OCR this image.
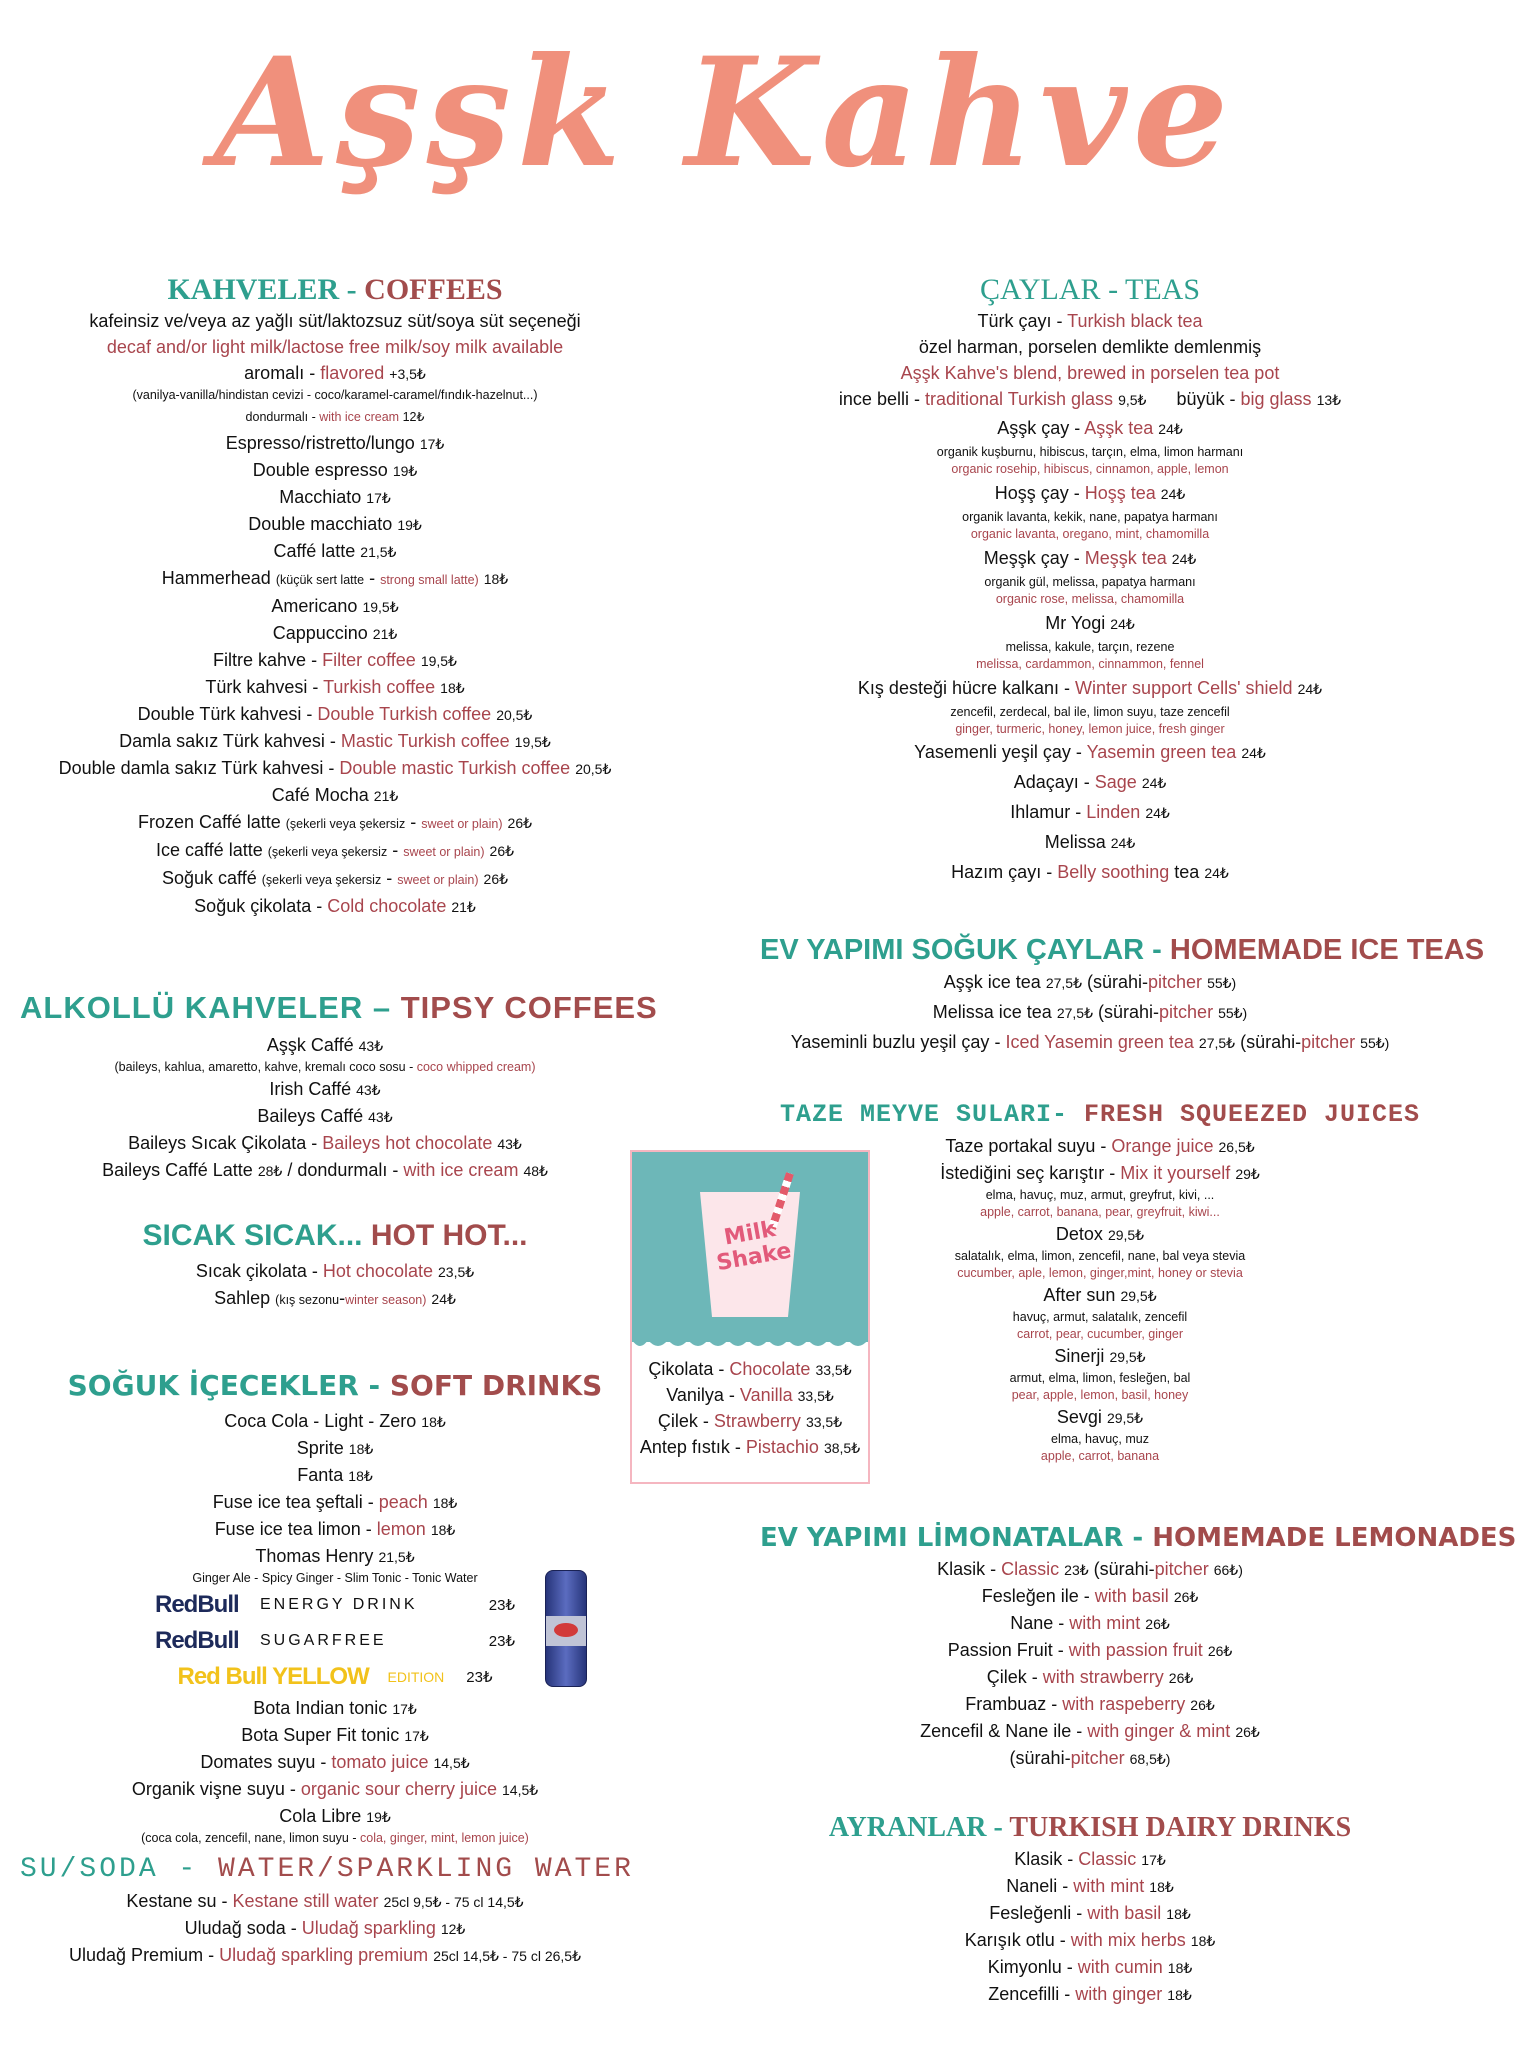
Aşşk Kahve
KAHVELER - COFFEES
kafeinsiz ve/veya az yağlı süt/laktozsuz süt/soya süt seçeneği
decaf and/or light milk/lactose free milk/soy milk available
aromalı - flavored +3,5₺
(vanilya-vanilla/hindistan cevizi - coco/karamel-caramel/fındık-hazelnut...)
dondurmalı - with ice cream 12₺
Espresso/ristretto/lungo 17₺
Double espresso 19₺
Macchiato 17₺
Double macchiato 19₺
Caffé latte 21,5₺
Hammerhead (küçük sert latte - strong small latte) 18₺
Americano 19,5₺
Cappuccino 21₺
Filtre kahve - Filter coffee 19,5₺
Türk kahvesi - Turkish coffee 18₺
Double Türk kahvesi - Double Turkish coffee 20,5₺
Damla sakız Türk kahvesi - Mastic Turkish coffee 19,5₺
Double damla sakız Türk kahvesi - Double mastic Turkish coffee 20,5₺
Café Mocha 21₺
Frozen Caffé latte (şekerli veya şekersiz - sweet or plain) 26₺
Ice caffé latte (şekerli veya şekersiz - sweet or plain) 26₺
Soğuk caffé (şekerli veya şekersiz - sweet or plain) 26₺
Soğuk çikolata - Cold chocolate 21₺
ALKOLLÜ KAHVELER – TIPSY COFFEES
Aşşk Caffé 43₺
(baileys, kahlua, amaretto, kahve, kremalı coco sosu - coco whipped cream)
Irish Caffé 43₺
Baileys Caffé 43₺
Baileys Sıcak Çikolata - Baileys hot chocolate 43₺
Baileys Caffé Latte 28₺ / dondurmalı - with ice cream 48₺
SICAK SICAK... HOT HOT...
Sıcak çikolata - Hot chocolate 23,5₺
Sahlep (kış sezonu-winter season) 24₺
SOĞUK İÇECEKLER - SOFT DRINKS
Coca Cola - Light - Zero 18₺
Sprite 18₺
Fanta 18₺
Fuse ice tea şeftali - peach 18₺
Fuse ice tea limon - lemon 18₺
Thomas Henry 21,5₺
Ginger Ale - Spicy Ginger - Slim Tonic - Tonic Water
RedBull	ENERGY DRINK	23₺
RedBull	SUGARFREE	23₺
Red Bull YELLOW	EDITION	23₺
Bota Indian tonic 17₺
Bota Super Fit tonic 17₺
Domates suyu - tomato juice 14,5₺
Organik vişne suyu - organic sour cherry juice 14,5₺
Cola Libre 19₺
(coca cola, zencefil, nane, limon suyu - cola, ginger, mint, lemon juice)
SU/SODA - WATER/SPARKLING WATER
Kestane su - Kestane still water 25cl 9,5₺ - 75 cl 14,5₺
Uludağ soda - Uludağ sparkling 12₺
Uludağ Premium - Uludağ sparkling premium 25cl 14,5₺ - 75 cl 26,5₺
ÇAYLAR - TEAS
Türk çayı - Turkish black tea
özel harman, porselen demlikte demlenmiş
Aşşk Kahve's blend, brewed in porselen tea pot
ince belli - traditional Turkish glass 9,5₺ büyük - big glass 13₺
Aşşk çay - Aşşk tea 24₺
organik kuşburnu, hibiscus, tarçın, elma, limon harmanı
organic rosehip, hibiscus, cinnamon, apple, lemon
Hoşş çay - Hoşş tea 24₺
organik lavanta, kekik, nane, papatya harmanı
organic lavanta, oregano, mint, chamomilla
Meşşk çay - Meşşk tea 24₺
organik gül, melissa, papatya harmanı
organic rose, melissa, chamomilla
Mr Yogi 24₺
melissa, kakule, tarçın, rezene
melissa, cardammon, cinnammon, fennel
Kış desteği hücre kalkanı - Winter support Cells' shield 24₺
zencefil, zerdecal, bal ile, limon suyu, taze zencefil
ginger, turmeric, honey, lemon juice, fresh ginger
Yasemenli yeşil çay - Yasemin green tea 24₺
Adaçayı - Sage 24₺
Ihlamur - Linden 24₺
Melissa 24₺
Hazım çayı - Belly soothing tea 24₺
EV YAPIMI SOĞUK ÇAYLAR - HOMEMADE ICE TEAS
Aşşk ice tea 27,5₺ (sürahi-pitcher 55₺)
Melissa ice tea 27,5₺ (sürahi-pitcher 55₺)
Yaseminli buzlu yeşil çay - Iced Yasemin green tea 27,5₺ (sürahi-pitcher 55₺)
TAZE MEYVE SULARI- FRESH SQUEEZED JUICES
Taze portakal suyu - Orange juice 26,5₺
İstediğini seç karıştır - Mix it yourself 29₺
elma, havuç, muz, armut, greyfrut, kivi, ...
apple, carrot, banana, pear, greyfruit, kiwi...
Detox 29,5₺
salatalık, elma, limon, zencefil, nane, bal veya stevia
cucumber, aple, lemon, ginger,mint, honey or stevia
After sun 29,5₺
havuç, armut, salatalık, zencefil
carrot, pear, cucumber, ginger
Sinerji 29,5₺
armut, elma, limon, fesleğen, bal
pear, apple, lemon, basil, honey
Sevgi 29,5₺
elma, havuç, muz
apple, carrot, banana
Milk Shake
Çikolata - Chocolate 33,5₺
Vanilya - Vanilla 33,5₺
Çilek - Strawberry 33,5₺
Antep fıstık - Pistachio 38,5₺
EV YAPIMI LİMONATALAR - HOMEMADE LEMONADES
Klasik - Classic 23₺ (sürahi-pitcher 66₺)
Fesleğen ile - with basil 26₺
Nane - with mint 26₺
Passion Fruit - with passion fruit 26₺
Çilek - with strawberry 26₺
Frambuaz - with raspeberry 26₺
Zencefil & Nane ile - with ginger & mint 26₺
(sürahi-pitcher 68,5₺)
AYRANLAR - TURKISH DAIRY DRINKS
Klasik - Classic 17₺
Naneli - with mint 18₺
Fesleğenli - with basil 18₺
Karışık otlu - with mix herbs 18₺
Kimyonlu - with cumin 18₺
Zencefilli - with ginger 18₺
